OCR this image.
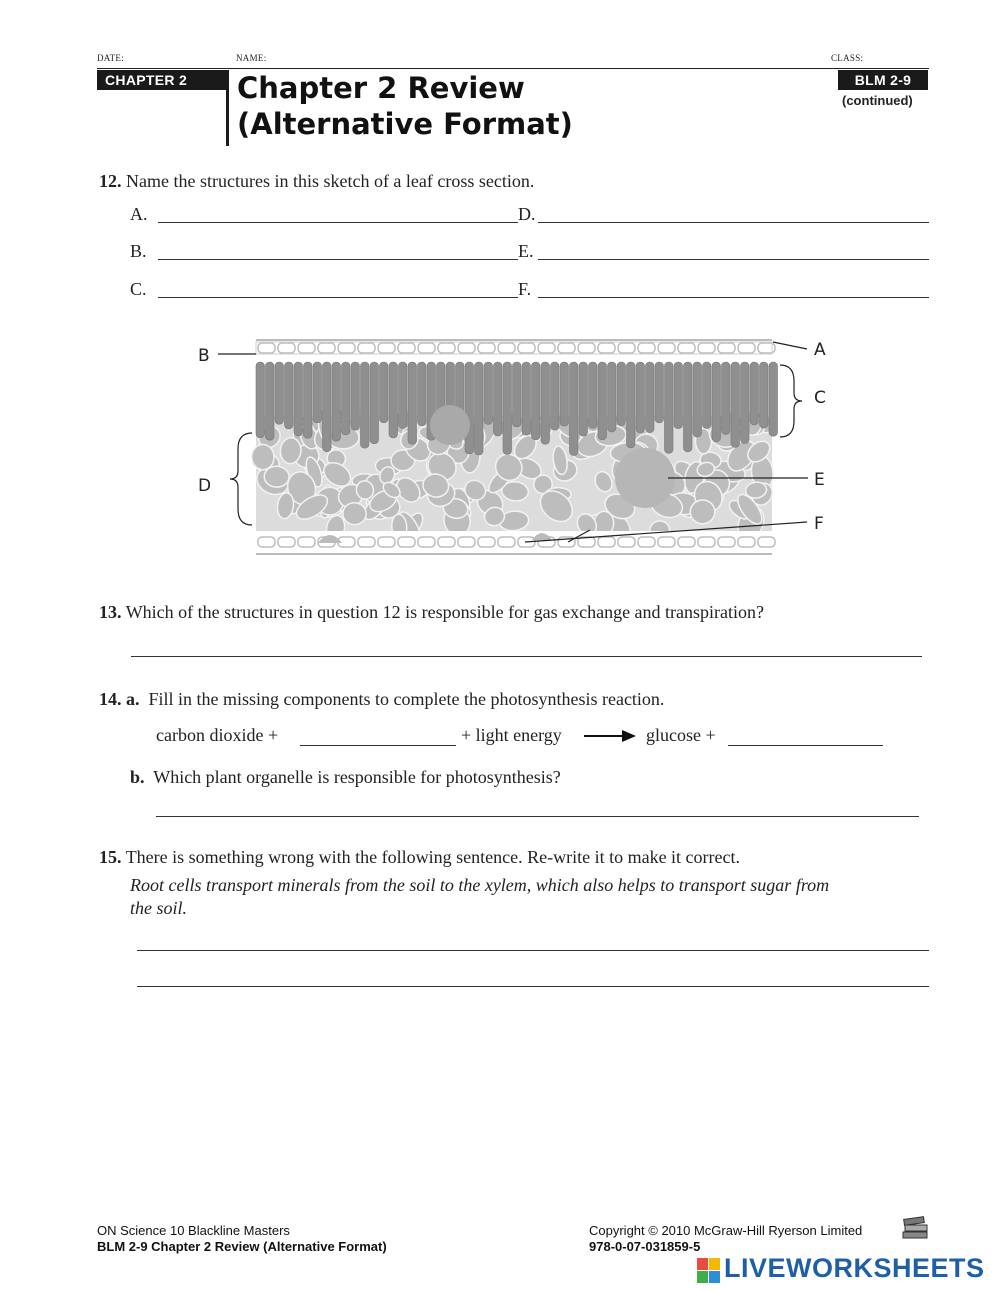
DATE:	NAME:	CLASS:
CHAPTER 2	Chapter 2 Review
(Alternative Format)
BLM 2-9
(continued)
12. Name the structures in this sketch of a leaf cross section.
A.	D.
B.	E.
C.	F.
B	A
C
D	E
F
13. Which of the structures in question 12 is responsible for gas exchange and transpiration?
14. a. Fill in the missing components to complete the photosynthesis reaction.
carbon dioxide +	+ light energy → glucose +
b. Which plant organelle is responsible for photosynthesis?
15. There is something wrong with the following sentence. Re-write it to make it correct.
Root cells transport minerals from the soil to the xylem, which also helps to transport sugar from
the soil.
ON Science 10 Blackline Masters
BLM 2-9 Chapter 2 Review (Alternative Format)
Copyright © 2010 McGraw-Hill Ryerson Limited
978-0-07-031859-5
LIVEWORKSHEETS
